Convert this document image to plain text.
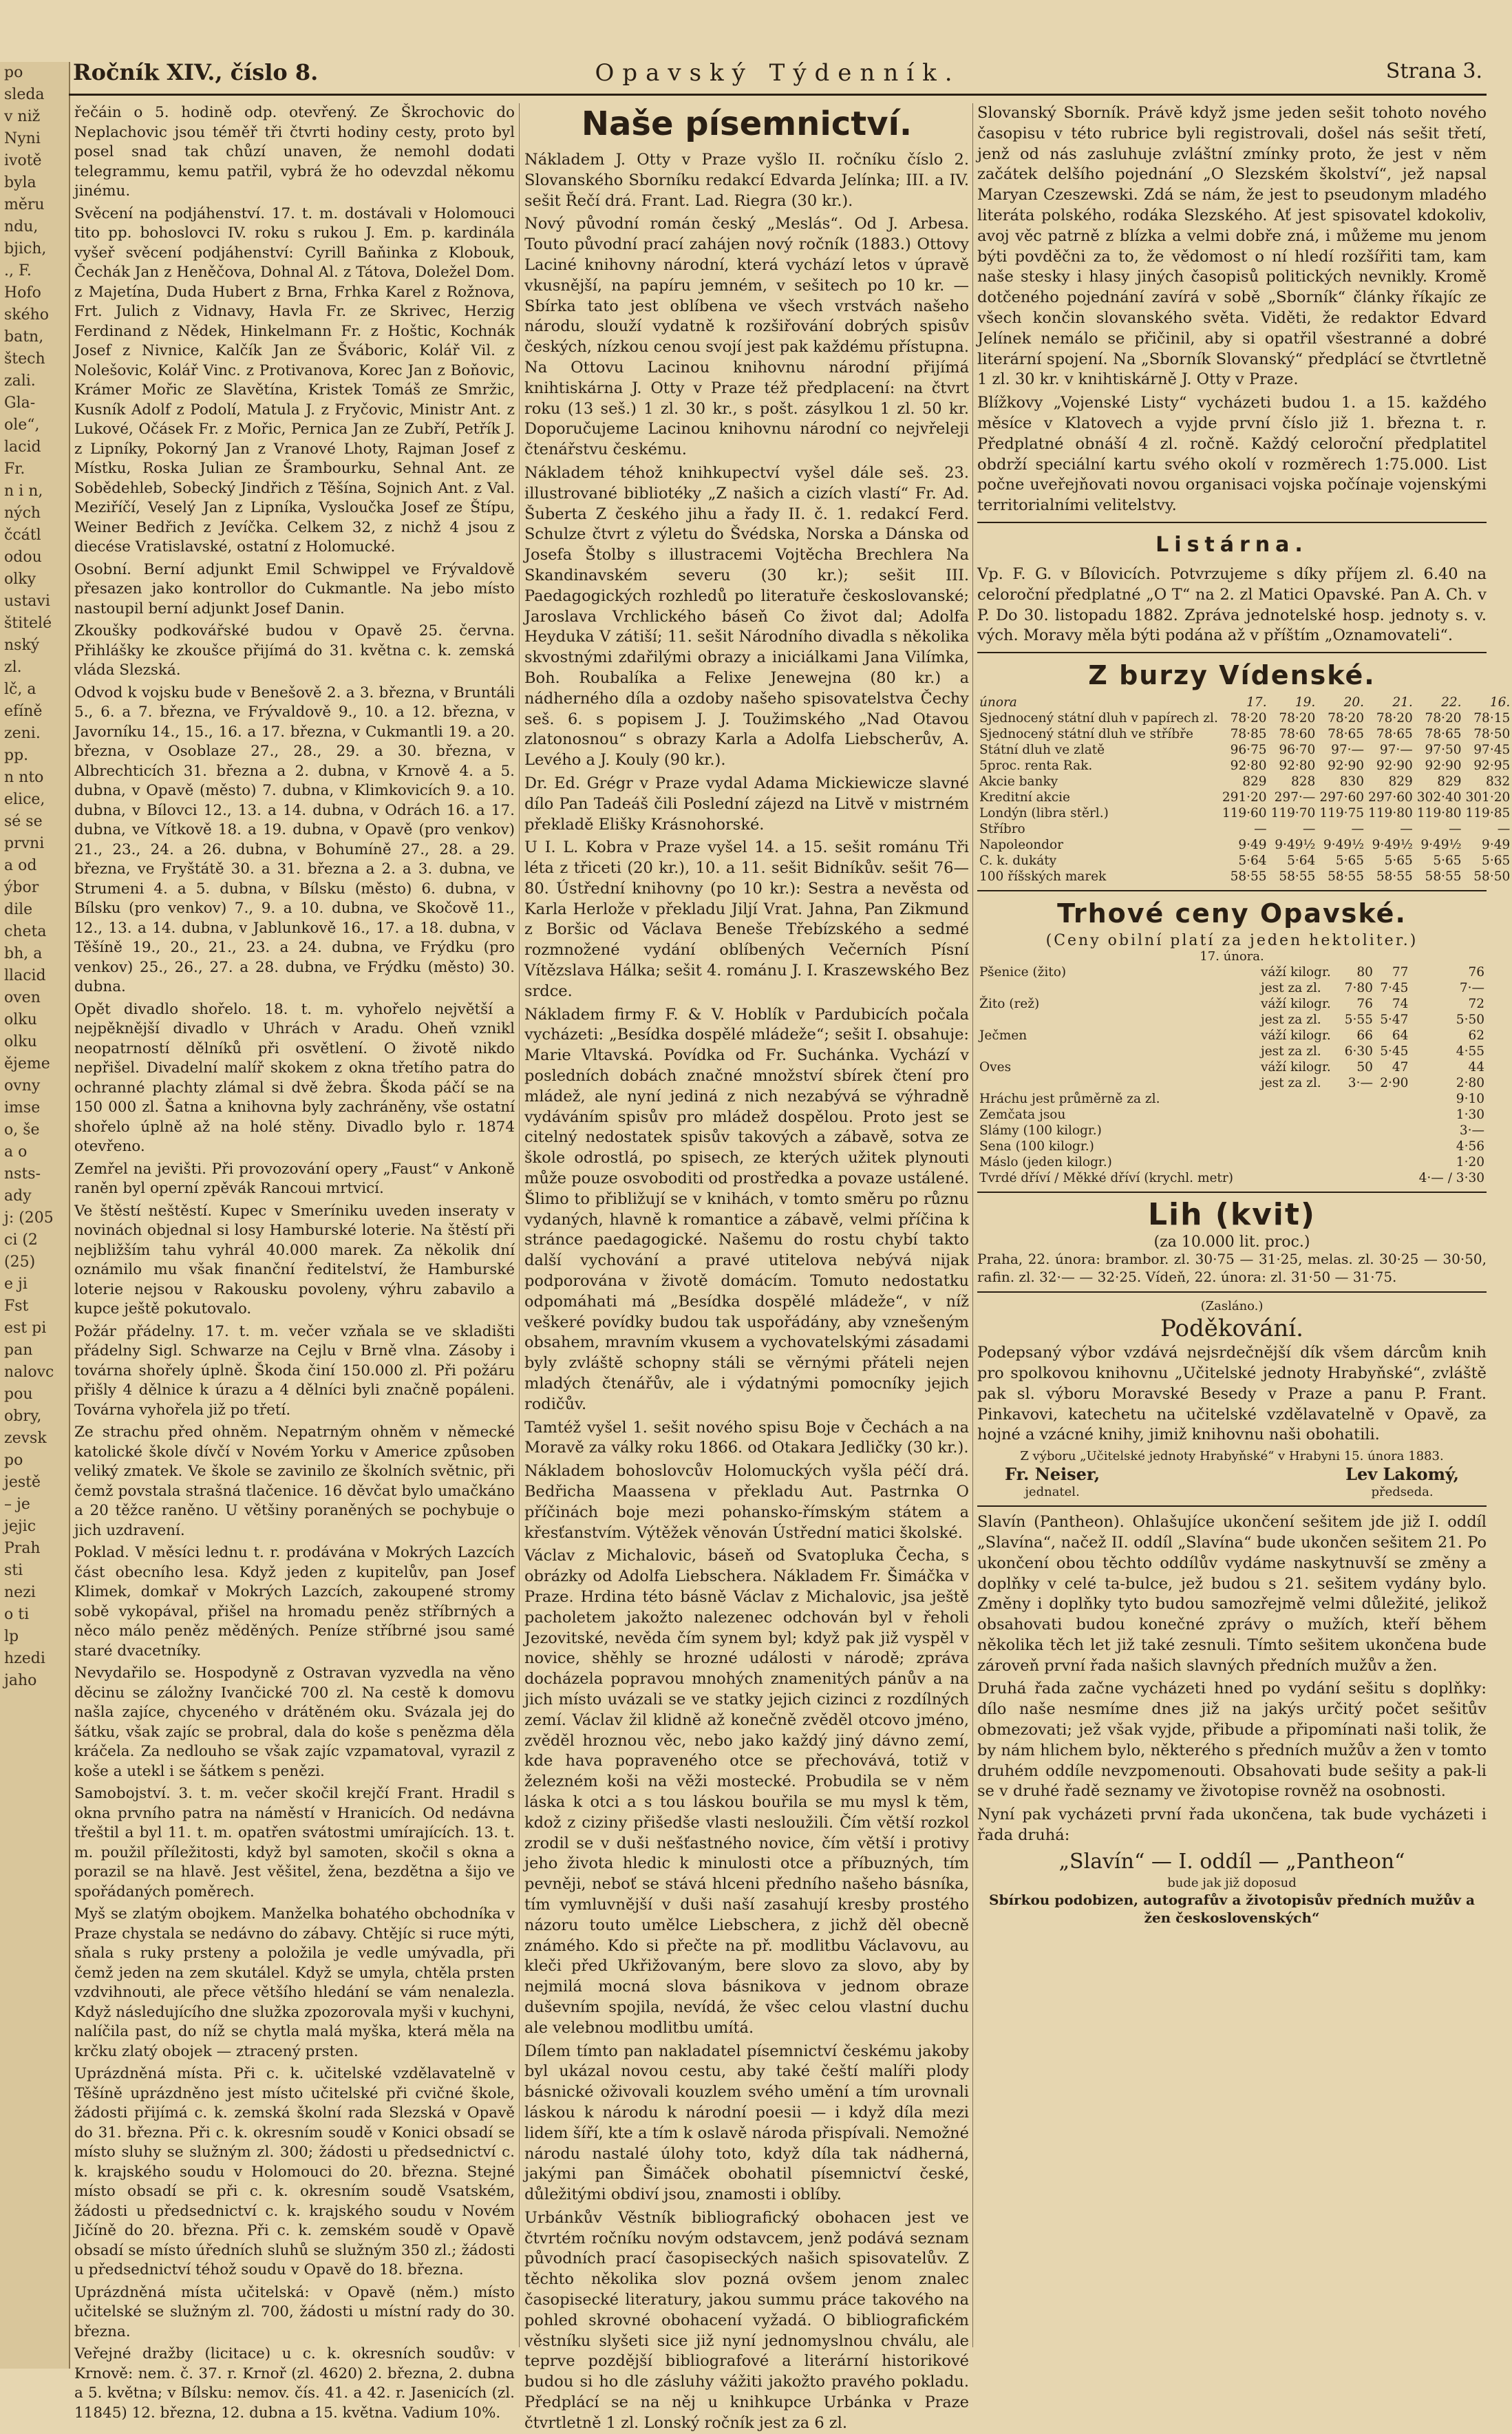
po
sleda
v niž
Nyni
ivotě
byla
měru
ndu,
bjich,
., F.
Hofo
ského
batn,
štech
zali.
Gla-
ole“,
lacid
Fr.
n i n,
ných
čcátl
odou
olky
ustavi
štitelé
nský
zl.
lč, a
efíně
zeni.
pp.
n nto
elice,
sé se
prvni
a od
ýbor
dile
cheta
bh, a
llacid
oven
olku
olku
ějeme
ovny
imse
o, še
a o
nsts-
ady
j: (205
ci (2
(25)
e ji
Fst
est pi
pan
nalovc
pou
obry,
zevsk
po
jestě
– je
jejic
Prah
sti
nezi
o ti
lp
hzedi
jaho
Ročník XIV., číslo 8.	Opavský Týdenník.	Strana 3.

řečáin o 5. hodině odp. otevřený. Ze Škrochovic do Neplachovic jsou téměř tři čtvrti hodiny cesty, proto byl posel snad tak chůzí unaven, že nemohl dodati telegrammu, kemu patřil, vybrá že ho odevzdal někomu jinému.

Svěcení na podjáhenství. 17. t. m. dostávali v Holomouci tito pp. bohoslovci IV. roku s rukou J. Em. p. kardinála vyšeř svěcení podjáhenství: Cyrill Baňinka z Klobouk, Čechák Jan z Heněčova, Dohnal Al. z Tátova, Doležel Dom. z Majetína, Duda Hubert z Brna, Frhka Karel z Rožnova, Frt. Julich z Vidnavy, Havla Fr. ze Skrivec, Herzig Ferdinand z Nědek, Hinkelmann Fr. z Hoštic, Kochnák Josef z Nivnice, Kalčík Jan ze Šváboric, Kolář Vil. z Nolešovic, Kolář Vinc. z Protivanova, Korec Jan z Boňovic, Krámer Mořic ze Slavětína, Kristek Tomáš ze Smržic, Kusník Adolf z Podolí, Matula J. z Fryčovic, Ministr Ant. z Lukové, Očásek Fr. z Mořic, Pernica Jan ze Zubří, Petřík J. z Lipníky, Pokorný Jan z Vranové Lhoty, Rajman Josef z Místku, Roska Julian ze Šrambourku, Sehnal Ant. ze Sobědehleb, Sobecký Jindřich z Těšína, Sojnich Ant. z Val. Meziříčí, Veselý Jan z Lipníka, Vysloučka Josef ze Štípu, Weiner Bedřich z Jevíčka. Celkem 32, z nichž 4 jsou z diecése Vratislavské, ostatní z Holomucké.

Osobní. Berní adjunkt Emil Schwippel ve Frývaldově přesazen jako kontrollor do Cukmantle. Na jebo místo nastoupil berní adjunkt Josef Danin.

Zkoušky podkovářské budou v Opavě 25. června. Přihlášky ke zkoušce přijímá do 31. května c. k. zemská vláda Slezská.

Odvod k vojsku bude v Benešově 2. a 3. března, v Bruntáli 5., 6. a 7. března, ve Frývaldově 9., 10. a 12. března, v Javorníku 14., 15., 16. a 17. března, v Cukmantli 19. a 20. března, v Osoblaze 27., 28., 29. a 30. března, v Albrechticích 31. března a 2. dubna, v Krnově 4. a 5. dubna, v Opavě (město) 7. dubna, v Klimkovicích 9. a 10. dubna, v Bílovci 12., 13. a 14. dubna, v Odrách 16. a 17. dubna, ve Vítkově 18. a 19. dubna, v Opavě (pro venkov) 21., 23., 24. a 26. dubna, v Bohumíně 27., 28. a 29. března, ve Fryštátě 30. a 31. března a 2. a 3. dubna, ve Strumeni 4. a 5. dubna, v Bílsku (město) 6. dubna, v Bílsku (pro venkov) 7., 9. a 10. dubna, ve Skočově 11., 12., 13. a 14. dubna, v Jablunkově 16., 17. a 18. dubna, v Těšíně 19., 20., 21., 23. a 24. dubna, ve Frýdku (pro venkov) 25., 26., 27. a 28. dubna, ve Frýdku (město) 30. dubna.

Opět divadlo shořelo. 18. t. m. vyhořelo největší a nejpěknější divadlo v Uhrách v Aradu. Oheň vznikl neopatrností dělníků při osvětlení. O životě nikdo nepřišel. Divadelní malíř skokem z okna třetího patra do ochranné plachty zlámal si dvě žebra. Škoda páčí se na 150 000 zl. Šatna a knihovna byly zachráněny, vše ostatní shořelo úplně až na holé stěny. Divadlo bylo r. 1874 otevřeno.

Zemřel na jevišti. Při provozování opery „Faust“ v Ankoně raněn byl operní zpěvák Rancoui mrtvicí.

Ve štěstí neštěstí. Kupec v Smeríniku uveden inseraty v novinách objednal si losy Hamburské loterie. Na štěstí při nejbližším tahu vyhrál 40.000 marek. Za několik dní oznámilo mu však finanční ředitelství, že Hamburské loterie nejsou v Rakousku povoleny, výhru zabavilo a kupce ještě pokutovalo.

Požár přádelny. 17. t. m. večer vzňala se ve skladišti přádelny Sigl. Schwarze na Cejlu v Brně vlna. Zásoby i továrna shořely úplně. Škoda činí 150.000 zl. Při požáru přišly 4 dělnice k úrazu a 4 dělníci byli značně popáleni. Továrna vyhořela již po třetí.

Ze strachu před ohněm. Nepatrným ohněm v německé katolické škole dívčí v Novém Yorku v Americe způsoben veliký zmatek. Ve škole se zavinilo ze školních světnic, při čemž povstala strašná tlačenice. 16 děvčat bylo umačkáno a 20 těžce raněno. U většiny poraněných se pochybuje o jich uzdravení.

Poklad. V měsíci lednu t. r. prodávána v Mokrých Lazcích část obecního lesa. Když jeden z kupitelův, pan Josef Klimek, domkař v Mokrých Lazcích, zakoupené stromy sobě vykopával, přišel na hromadu peněz stříbrných a něco málo peněz měděných. Peníze stříbrné jsou samé staré dvacetníky.

Nevydařilo se. Hospodyně z Ostravan vyzvedla na věno děcinu se záložny Ivančické 700 zl. Na cestě k domovu našla zajíce, chyceného v drátěném oku. Svázala jej do šátku, však zajíc se probral, dala do koše s penězma děla kráčela. Za nedlouho se však zajíc vzpamatoval, vyrazil z koše a utekl i se šátkem s penězi.

Samobojství. 3. t. m. večer skočil krejčí Frant. Hradil s okna prvního patra na náměstí v Hranicích. Od nedávna třeštil a byl 11. t. m. opatřen svátostmi umírajících. 13. t. m. použil příležitosti, když byl samoten, skočil s okna a porazil se na hlavě. Jest věšitel, žena, bezdětna a šijo ve spořádaných poměrech.

Myš se zlatým obojkem. Manželka bohatého obchodníka v Praze chystala se nedávno do zábavy. Chtějíc si ruce mýti, sňala s ruky prsteny a položila je vedle umývadla, při čemž jeden na zem skutálel. Když se umyla, chtěla prsten vzdvihnouti, ale přece většího hledání se vám nenalezla. Když následujícího dne služka zpozorovala myši v kuchyni, nalíčila past, do níž se chytla malá myška, která měla na krčku zlatý obojek — ztracený prsten.

Uprázdněná místa. Při c. k. učitelské vzdělavatelně v Těšíně uprázdněno jest místo učitelské při cvičné škole, žádosti přijímá c. k. zemská školní rada Slezská v Opavě do 31. března. Při c. k. okresním soudě v Konici obsadí se místo sluhy se služným zl. 300; žádosti u předsednictví c. k. krajského soudu v Holomouci do 20. března. Stejné místo obsadí se při c. k. okresním soudě Vsatském, žádosti u předsednictví c. k. krajského soudu v Novém Jičíně do 20. března. Při c. k. zemském soudě v Opavě obsadí se místo úředních sluhů se služným 350 zl.; žádosti u předsednictví téhož soudu v Opavě do 18. března.

Uprázdněná místa učitelská: v Opavě (něm.) místo učitelské se služným zl. 700, žádosti u místní rady do 30. března.

Veřejné dražby (licitace) u c. k. okresních soudův: v Krnově: nem. č. 37. r. Krnoř (zl. 4620) 2. března, 2. dubna a 5. května; v Bílsku: nemov. čís. 41. a 42. r. Jasenicích (zl. 11845) 12. března, 12. dubna a 15. května. Vadium 10%.

Naše písemnictví.

Nákladem J. Otty v Praze vyšlo II. ročníku číslo 2. Slovanského Sborníku redakcí Edvarda Jelínka; III. a IV. sešit Řečí drá. Frant. Lad. Riegra (30 kr.).

Nový původní román český „Meslás“. Od J. Arbesa. Touto původní prací zahájen nový ročník (1883.) Ottovy Laciné knihovny národní, která vychází letos v úpravě vkusnější, na papíru jemném, v sešitech po 10 kr. — Sbírka tato jest oblíbena ve všech vrstvách našeho národu, slouží vydatně k rozšiřování dobrých spisův českých, nízkou cenou svojí jest pak každému přístupna. Na Ottovu Lacinou knihovnu národní přijímá knihtiskárna J. Otty v Praze též předplacení: na čtvrt roku (13 seš.) 1 zl. 30 kr., s pošt. zásylkou 1 zl. 50 kr. Doporučujeme Lacinou knihovnu národní co nejvřeleji čtenářstvu českému.

Nákladem téhož knihkupectví vyšel dále seš. 23. illustrované bibliotéky „Z našich a cizích vlastí“ Fr. Ad. Šuberta Z českého jihu a řady II. č. 1. redakcí Ferd. Schulze čtvrt z výletu do Švédska, Norska a Dánska od Josefa Štolby s illustracemi Vojtěcha Brechlera Na Skandinavském severu (30 kr.); sešit III. Paedagogických rozhledů po literatuře českoslovanské; Jaroslava Vrchlického báseň Co život dal; Adolfa Heyduka V zátiší; 11. sešit Národního divadla s několika skvostnými zdařilými obrazy a iniciálkami Jana Vilímka, Boh. Roubalíka a Felixe Jenewejna (80 kr.) a nádherného díla a ozdoby našeho spisovatelstva Čechy seš. 6. s popisem J. J. Toužimského „Nad Otavou zlatonosnou“ s obrazy Karla a Adolfa Liebscherův, A. Levého a J. Kouly (90 kr.).

Dr. Ed. Grégr v Praze vydal Adama Mickiewicze slavné dílo Pan Tadeáš čili Poslední zájezd na Litvě v mistrném překladě Elišky Krásnohorské.

U I. L. Kobra v Praze vyšel 14. a 15. sešit románu Tři léta z třiceti (20 kr.), 10. a 11. sešit Bidníkův. sešit 76—80. Ústřední knihovny (po 10 kr.): Sestra a nevěsta od Karla Herlože v překladu Jiljí Vrat. Jahna, Pan Zikmund z Boršic od Václava Beneše Třebízského a sedmé rozmnožené vydání oblíbených Večerních Písní Vítězslava Hálka; sešit 4. románu J. I. Kraszewského Bez srdce.

Nákladem firmy F. & V. Hoblík v Pardubicích počala vycházeti: „Besídka dospělé mládeže“; sešit I. obsahuje: Marie Vltavská. Povídka od Fr. Suchánka. Vychází v posledních dobách značné množství sbírek čtení pro mládež, ale nyní jediná z nich nezabývá se výhradně vydáváním spisův pro mládež dospělou. Proto jest se citelný nedostatek spisův takových a zábavě, sotva ze škole odrostlá, po spisech, ze kterých užitek plynouti může pouze osvoboditi od prostředka a povaze ustálené. Šlimo to přibližují se v knihách, v tomto směru po různu vydaných, hlavně k romantice a zábavě, velmi příčina k stránce paedagogické. Našemu do rostu chybí takto další vychování a pravé utitelova nebývá nijak podporována v životě domácím. Tomuto nedostatku odpomáhati má „Besídka dospělé mládeže“, v níž veškeré povídky budou tak uspořádány, aby vznešeným obsahem, mravním vkusem a vychovatelskými zásadami byly zvláště schopny stáli se věrnými přáteli nejen mladých čtenářův, ale i výdatnými pomocníky jejich rodičův.

Tamtéž vyšel 1. sešit nového spisu Boje v Čechách a na Moravě za války roku 1866. od Otakara Jedličky (30 kr.).

Nákladem bohoslovcův Holomuckých vyšla péčí drá. Bedřicha Maassena v překladu Aut. Pastrnka O příčinách boje mezi pohansko-římským státem a křesťanstvím. Výtěžek věnován Ústřední matici školské.

Václav z Michalovic, báseň od Svatopluka Čecha, s obrázky od Adolfa Liebschera. Nákladem Fr. Šimáčka v Praze. Hrdina této básně Václav z Michalovic, jsa ještě pacholetem jakožto nalezenec odchován byl v řeholi Jezovitské, nevěda čím synem byl; když pak již vyspěl v novice, shěhly se hrozné události v národě; zpráva docházela popravou mnohých znamenitých pánův a na jich místo uvázali se ve statky jejich cizinci z rozdílných zemí. Václav žil klidně až konečně zvěděl otcovo jméno, zvěděl hroznou věc, nebo jako každý jiný dávno zemí, kde hava popraveného otce se přechovává, totiž v železném koši na věži mostecké. Probudila se v něm láska k otci a s tou láskou bouřila se mu mysl k těm, kdož z ciziny přišedše vlasti nesloužili. Čím větší rozkol zrodil se v duši nešťastného novice, čím větší i protivy jeho života hledic k minulosti otce a příbuzných, tím pevněji, neboť se stává hlceni předního našeho básníka, tím vymluvnější v duši naší zasahují kresby prostého názoru touto umělce Liebschera, z jichž děl obecně známého. Kdo si přečte na př. modlitbu Václavovu, au kleči před Ukřižovaným, bere slovo za slovo, aby by nejmilá mocná slova básnikova v jednom obraze duševním spojila, nevídá, že všec celou vlastní duchu ale velebnou modlitbu umítá.

Dílem tímto pan nakladatel písemnictví českému jakoby byl ukázal novou cestu, aby také čeští malíři plody básnické oživovali kouzlem svého umění a tím urovnali láskou k národu k národní poesii — i když díla mezi lidem šíří, kte a tím k oslavě národa přispívali. Nemožné národu nastalé úlohy toto, když díla tak nádherná, jakými pan Šimáček obohatil písemnictví české, důležitými obdiví jsou, znamosti i oblíby.

Urbánkův Věstník bibliografický obohacen jest ve čtvrtém ročníku novým odstavcem, jenž podává seznam původních prací časopiseckých našich spisovatelův. Z těchto několika slov pozná ovšem jenom znalec časopisecké literatury, jakou summu práce takového na pohled skrovné obohacení vyžadá. O bibliografickém věstníku slyšeti sice již nyní jednomyslnou chválu, ale teprve pozdější bibliografové a literární historikové budou si ho dle zásluhy vážiti jakožto pravého pokladu. Předplácí se na něj u knihkupce Urbánka v Praze čtvrtletně 1 zl. Lonský ročník jest za 6 zl.

Slovanský Sborník. Právě když jsme jeden sešit tohoto nového časopisu v této rubrice byli registrovali, došel nás sešit třetí, jenž od nás zasluhuje zvláštní zmínky proto, že jest v něm začátek delšího pojednání „O Slezském školství“, jež napsal Maryan Czeszewski. Zdá se nám, že jest to pseudonym mladého literáta polského, rodáka Slezského. Ať jest spisovatel kdokoliv, avoj věc patrně z blízka a velmi dobře zná, i můžeme mu jenom býti povděčni za to, že vědomost o ní hledí rozšířiti tam, kam naše stesky i hlasy jiných časopisů politických nevnikly. Kromě dotčeného pojednání zavírá v sobě „Sborník“ články říkajíc ze všech končin slovanského světa. Viděti, že redaktor Edvard Jelínek nemálo se přičinil, aby si opatřil všestranné a dobré literární spojení. Na „Sborník Slovanský“ předplácí se čtvrtletně 1 zl. 30 kr. v knihtiskárně J. Otty v Praze.

Blížkovy „Vojenské Listy“ vycházeti budou 1. a 15. každého měsíce v Klatovech a vyjde první číslo již 1. března t. r. Předplatné obnáší 4 zl. ročně. Každý celoroční předplatitel obdrží speciální kartu svého okolí v rozměrech 1:75.000. List počne uveřejňovati novou organisaci vojska počínaje vojenskými territorialními velitelstvy.

Listárna.

Vp. F. G. v Bílovicích. Potvrzujeme s díky příjem zl. 6.40 na celoroční předplatné „O T“ na 2. zl Matici Opavské. Pan A. Ch. v P. Do 30. listopadu 1882. Zpráva jednotelské hosp. jednoty s. v. vých. Moravy měla býti podána až v příštím „Oznamovateli“.

Z burzy Vídenské.
února	17.	19.	20.	21.	22.	16.
Sjednocený státní dluh v papírech zl.	78·20	78·20	78·20	78·20	78·20	78·15
Sjednocený státní dluh ve stříbře	78·85	78·60	78·65	78·65	78·65	78·50
Státní dluh ve zlatě	96·75	96·70	97·—	97·—	97·50	97·45
5proc. renta Rak.	92·80	92·80	92·90	92·90	92·90	92·95
Akcie banky	829	828	830	829	829	832
Kreditní akcie	291·20	297·—	297·60	297·60	302·40	301·20
Londýn (libra stěrl.)	119·60	119·70	119·75	119·80	119·80	119·85
Stříbro	—	—	—	—	—	—
Napoleondor	9·49	9·49½	9·49½	9·49½	9·49½	9·49
C. k. dukáty	5·64	5·64	5·65	5·65	5·65	5·65
100 říšských marek	58·55	58·55	58·55	58·55	58·55	58·50
Trhové ceny Opavské.
(Ceny obilní platí za jeden hektoliter.)
17. února.
Pšenice (žito)	váží kilogr.	80	77	76
	jest za zl.	7·80	7·45	7·—
Žito (rež)	váží kilogr.	76	74	72
	jest za zl.	5·55	5·47	5·50
Ječmen	váží kilogr.	66	64	62
	jest za zl.	6·30	5·45	4·55
Oves	váží kilogr.	50	47	44
	jest za zl.	3·—	2·90	2·80
Hráchu jest průměrně za zl.				9·10
Zemčata jsou				1·30
Slámy (100 kilogr.)				3·—
Sena (100 kilogr.)				4·56
Máslo (jeden kilogr.)				1·20
Tvrdé dříví / Měkké dříví (krychl. metr)				4·— / 3·30
Lih (kvit)
(za 10.000 lit. proc.)

Praha, 22. února: brambor. zl. 30·75 — 31·25, melas. zl. 30·25 — 30·50, rafin. zl. 32·— — 32·25. Vídeň, 22. února: zl. 31·50 — 31·75.

(Zasláno.)
Poděkování.

Podepsaný výbor vzdává nejsrdečnější dík všem dárcům knih pro spolkovou knihovnu „Učitelské jednoty Hrabyňské“, zvláště pak sl. výboru Moravské Besedy v Praze a panu P. Frant. Pinkavovi, katechetu na učitelské vzdělavatelně v Opavě, za hojné a vzácné knihy, jimiž knihovnu naši obohatili.

Z výboru „Učitelské jednoty Hrabyňské“ v Hrabyni 15. února 1883.
Fr. Neiser,
jednatel.
Lev Lakomý,
předseda.

Slavín (Pantheon). Ohlašujíce ukončení sešitem jde již I. oddíl „Slavína“, načež II. oddíl „Slavína“ bude ukončen sešitem 21. Po ukončení obou těchto oddílův vydáme naskytnuvší se změny a doplňky v celé ta-bulce, jež budou s 21. sešitem vydány bylo. Změny i doplňky tyto budou samozřejmě velmi důležité, jelikož obsahovati budou konečné zprávy o mužích, kteří během několika těch let již také zesnuli. Tímto sešitem ukončena bude zároveň první řada našich slavných předních mužův a žen.

Druhá řada začne vycházeti hned po vydání sešitu s doplňky: dílo naše nesmíme dnes již na jakýs určitý počet sešitův obmezovati; jež však vyjde, přibude a připomínati naši tolik, že by nám hlichem bylo, některého s předních mužův a žen v tomto druhém oddíle nevzpomenouti. Obsahovati bude sešity a pak-li se v druhé řadě seznamy ve životopise rovněž na osobnosti.

Nyní pak vycházeti první řada ukončena, tak bude vycházeti i řada druhá:

„Slavín“ — I. oddíl — „Pantheon“
bude jak již doposud
Sbírkou podobizen, autografův a životopisův předních mužův a žen československých“
